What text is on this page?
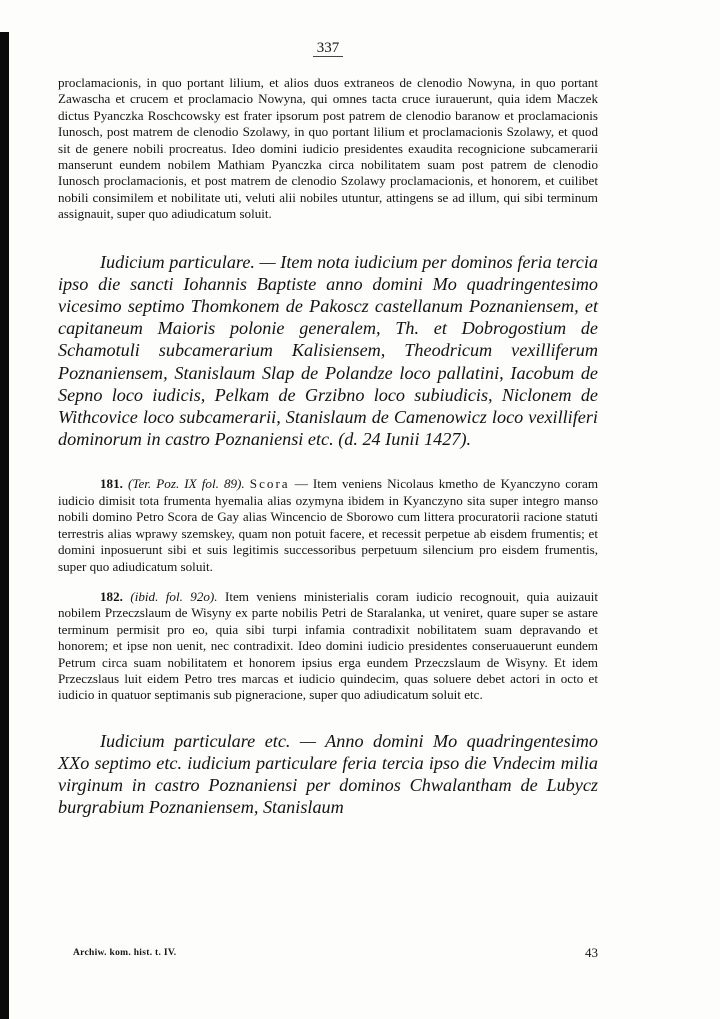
337

proclamacionis, in quo portant lilium, et alios duos extraneos de clenodio Nowyna, in quo portant Zawascha et crucem et proclamacio Nowyna, qui omnes tacta cruce iurauerunt, quia idem Maczek dictus Pyanczka Roschcowsky est frater ipsorum post patrem de clenodio baranow et proclamacionis Iunosch, post matrem de clenodio Szolawy, in quo portant lilium et proclamacionis Szolawy, et quod sit de genere nobili procreatus. Ideo domini iudicio presidentes exaudita recognicione subcamerarii manserunt eundem nobilem Mathiam Pyanczka circa nobilitatem suam post patrem de clenodio Iunosch proclamacionis, et post matrem de clenodio Szolawy proclamacionis, et honorem, et cuilibet nobili consimilem et nobilitate uti, veluti alii nobiles utuntur, attingens se ad illum, qui sibi terminum assignauit, super quo adiudicatum soluit.

Iudicium particulare. — Item nota iudicium per dominos feria tercia ipso die sancti Iohannis Baptiste anno domini Mo quadringentesimo vicesimo septimo Thomkonem de Pakoscz castellanum Poznaniensem, et capitaneum Maioris polonie generalem, Th. et Dobrogostium de Schamotuli subcamerarium Kalisiensem, Theodricum vexilliferum Poznaniensem, Stanislaum Slap de Polandze loco pallatini, Iacobum de Sepno loco iudicis, Pelkam de Grzibno loco subiudicis, Niclonem de Withcovice loco subcamerarii, Stanislaum de Camenowicz loco vexilliferi dominorum in castro Poznaniensi etc. (d. 24 Iunii 1427).

181. (Ter. Poz. IX fol. 89). Scora — Item veniens Nicolaus kmetho de Kyanczyno coram iudicio dimisit tota frumenta hyemalia alias ozymyna ibidem in Kyanczyno sita super integro manso nobili domino Petro Scora de Gay alias Wincencio de Sborowo cum littera procuratorii racione statuti terrestris alias wprawy szemskey, quam non potuit facere, et recessit perpetue ab eisdem frumentis; et domini inposuerunt sibi et suis legitimis successoribus perpetuum silencium pro eisdem frumentis, super quo adiudicatum soluit.

182. (ibid. fol. 92o). Item veniens ministerialis coram iudicio recognouit, quia auizauit nobilem Przeczslaum de Wisyny ex parte nobilis Petri de Staralanka, ut veniret, quare super se astare terminum permisit pro eo, quia sibi turpi infamia contradixit nobilitatem suam depravando et honorem; et ipse non uenit, nec contradixit. Ideo domini iudicio presidentes conseruauerunt eundem Petrum circa suam nobilitatem et honorem ipsius erga eundem Przeczslaum de Wisyny. Et idem Przeczslaus luit eidem Petro tres marcas et iudicio quindecim, quas soluere debet actori in octo et iudicio in quatuor septimanis sub pigneracione, super quo adiudicatum soluit etc.

Iudicium particulare etc. — Anno domini Mo quadringentesimo XXo septimo etc. iudicium particulare feria tercia ipso die Vndecim milia virginum in castro Poznaniensi per dominos Chwalantham de Lubycz burgrabium Poznaniensem, Stanislaum

Archiw. kom. hist. t. IV.	43
